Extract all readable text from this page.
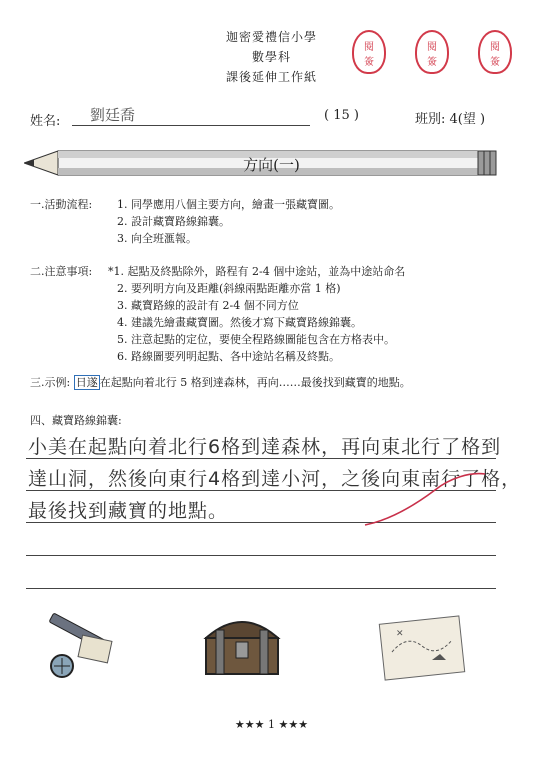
迦密愛禮信小學
數學科
課後延伸工作紙
閱
簽
閱
簽
閱
簽
姓名: 劉廷喬	( 15 )	班別: 4(望 )
方向(一)
一.活動流程: 1. 同學應用八個主要方向，繪畫一張藏寶圖。
2. 設計藏寶路線錦囊。
3. 向全班滙報。
二.注意事項: *1. 起點及終點除外，路程有 2-4 個中途站，並為中途站命名
2. 要列明方向及距離(斜線兩點距離亦當 1 格)
3. 藏寶路線的設計有 2-4 個不同方位
4. 建議先繪畫藏寶圖。然後才寫下藏寶路線錦囊。
5. 注意起點的定位，要使全程路線圖能包含在方格表中。
6. 路線圖要列明起點、各中途站名稱及終點。
三.示例: 日遂 在起點向着北行 5 格到達森林，再向……最後找到藏寶的地點。
四、藏寶路線錦囊:
小美在起點向着北行6格到達森林，再向東北行了格到
達山洞，然後向東行4格到達小河，之後向東南行了格，
最後找到藏寶的地點。
✕
★★★ 1 ★★★
